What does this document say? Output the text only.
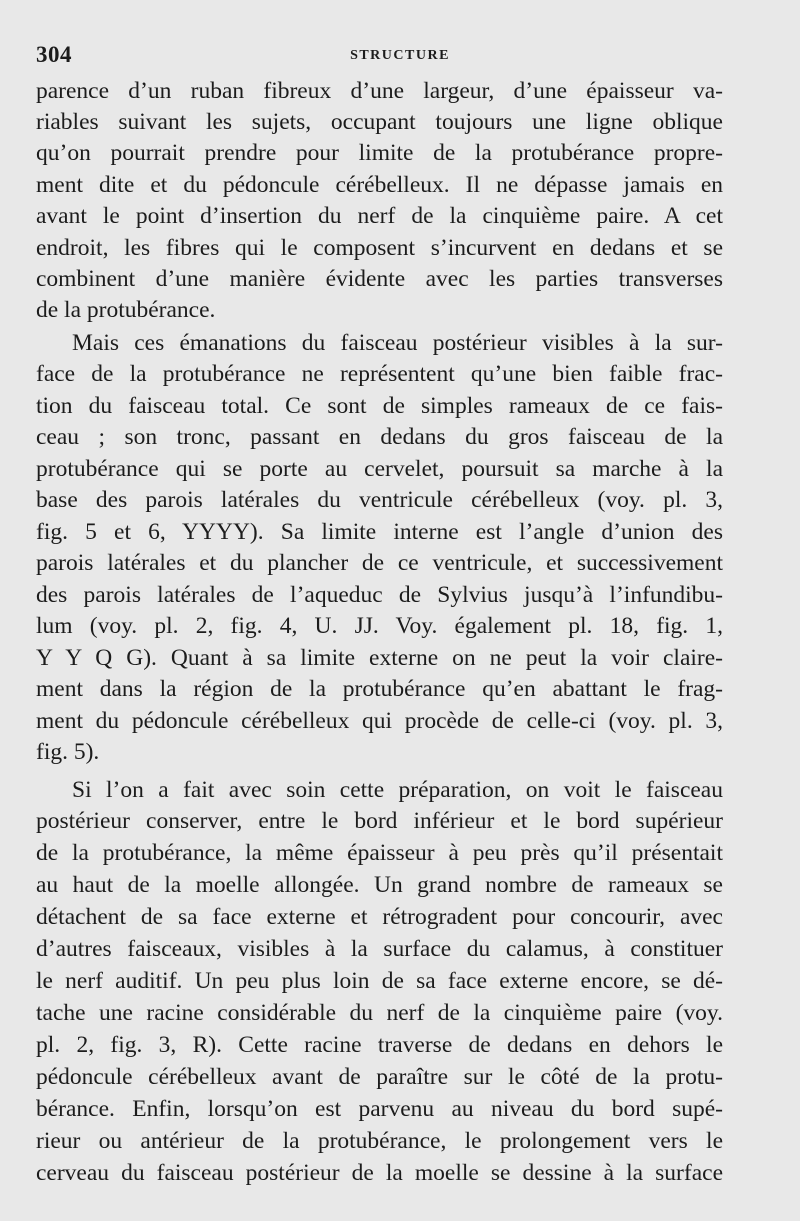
304	STRUCTURE
parence d’un ruban fibreux d’une largeur, d’une épaisseur va-
riables suivant les sujets, occupant toujours une ligne oblique
qu’on pourrait prendre pour limite de la protubérance propre-
ment dite et du pédoncule cérébelleux. Il ne dépasse jamais en
avant le point d’insertion du nerf de la cinquième paire. A cet
endroit, les fibres qui le composent s’incurvent en dedans et se
combinent d’une manière évidente avec les parties transverses
de la protubérance.
Mais ces émanations du faisceau postérieur visibles à la sur-
face de la protubérance ne représentent qu’une bien faible frac-
tion du faisceau total. Ce sont de simples rameaux de ce fais-
ceau ; son tronc, passant en dedans du gros faisceau de la
protubérance qui se porte au cervelet, poursuit sa marche à la
base des parois latérales du ventricule cérébelleux (voy. pl. 3,
fig. 5 et 6, YYYY). Sa limite interne est l’angle d’union des
parois latérales et du plancher de ce ventricule, et successivement
des parois latérales de l’aqueduc de Sylvius jusqu’à l’infundibu-
lum (voy. pl. 2, fig. 4, U. JJ. Voy. également pl. 18, fig. 1,
Y Y Q G). Quant à sa limite externe on ne peut la voir claire-
ment dans la région de la protubérance qu’en abattant le frag-
ment du pédoncule cérébelleux qui procède de celle-ci (voy. pl. 3,
fig. 5).
Si l’on a fait avec soin cette préparation, on voit le faisceau
postérieur conserver, entre le bord inférieur et le bord supérieur
de la protubérance, la même épaisseur à peu près qu’il présentait
au haut de la moelle allongée. Un grand nombre de rameaux se
détachent de sa face externe et rétrogradent pour concourir, avec
d’autres faisceaux, visibles à la surface du calamus, à constituer
le nerf auditif. Un peu plus loin de sa face externe encore, se dé-
tache une racine considérable du nerf de la cinquième paire (voy.
pl. 2, fig. 3, R). Cette racine traverse de dedans en dehors le
pédoncule cérébelleux avant de paraître sur le côté de la protu-
bérance. Enfin, lorsqu’on est parvenu au niveau du bord supé-
rieur ou antérieur de la protubérance, le prolongement vers le
cerveau du faisceau postérieur de la moelle se dessine à la surface
